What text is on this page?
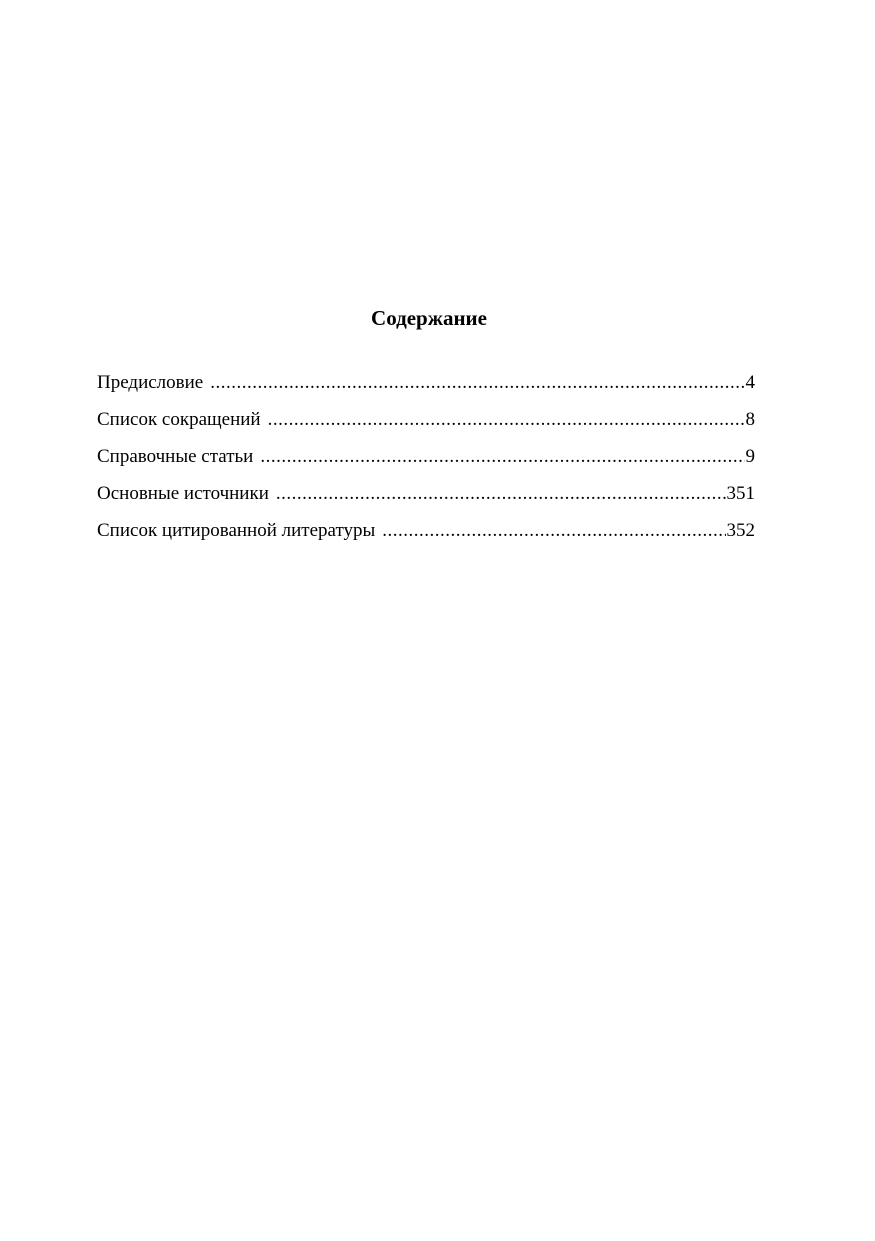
Содержание
Предисловие .....	4
Список сокращений .....	8
Справочные статьи .....	9
Основные источники .....	351
Список цитированной литературы .....	352
